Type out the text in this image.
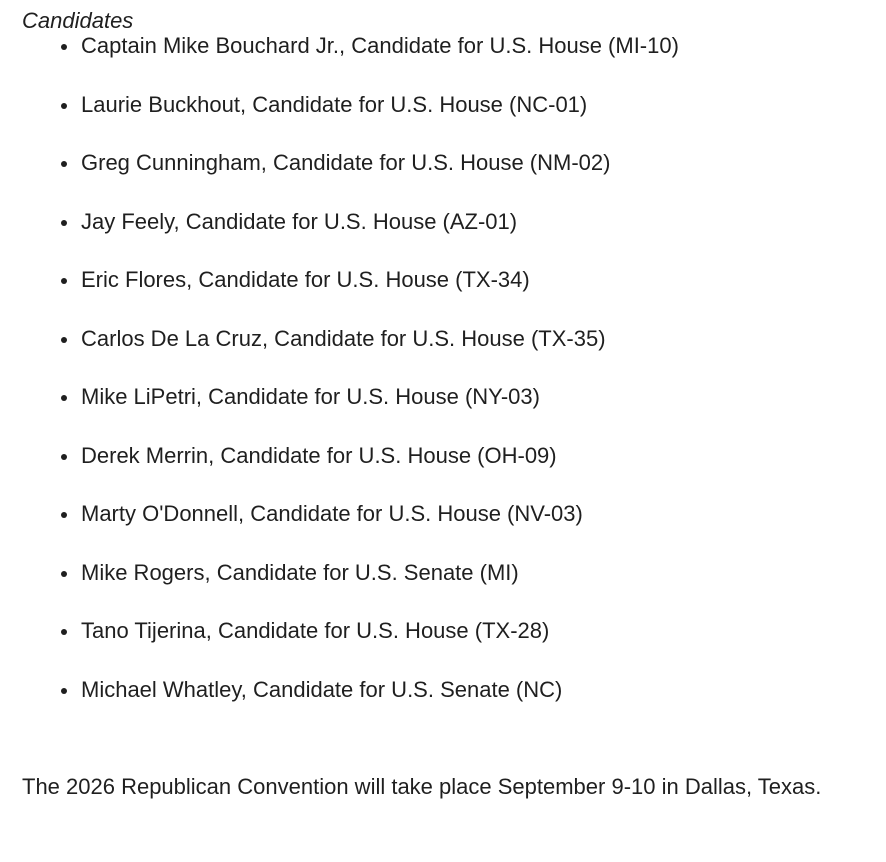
Candidates
Captain Mike Bouchard Jr., Candidate for U.S. House (MI-10)
Laurie Buckhout, Candidate for U.S. House (NC-01)
Greg Cunningham, Candidate for U.S. House (NM-02)
Jay Feely, Candidate for U.S. House (AZ-01)
Eric Flores, Candidate for U.S. House (TX-34)
Carlos De La Cruz, Candidate for U.S. House (TX-35)
Mike LiPetri, Candidate for U.S. House (NY-03)
Derek Merrin, Candidate for U.S. House (OH-09)
Marty O'Donnell, Candidate for U.S. House (NV-03)
Mike Rogers, Candidate for U.S. Senate (MI)
Tano Tijerina, Candidate for U.S. House (TX-28)
Michael Whatley, Candidate for U.S. Senate (NC)

The 2026 Republican Convention will take place September 9-10 in Dallas, Texas.
